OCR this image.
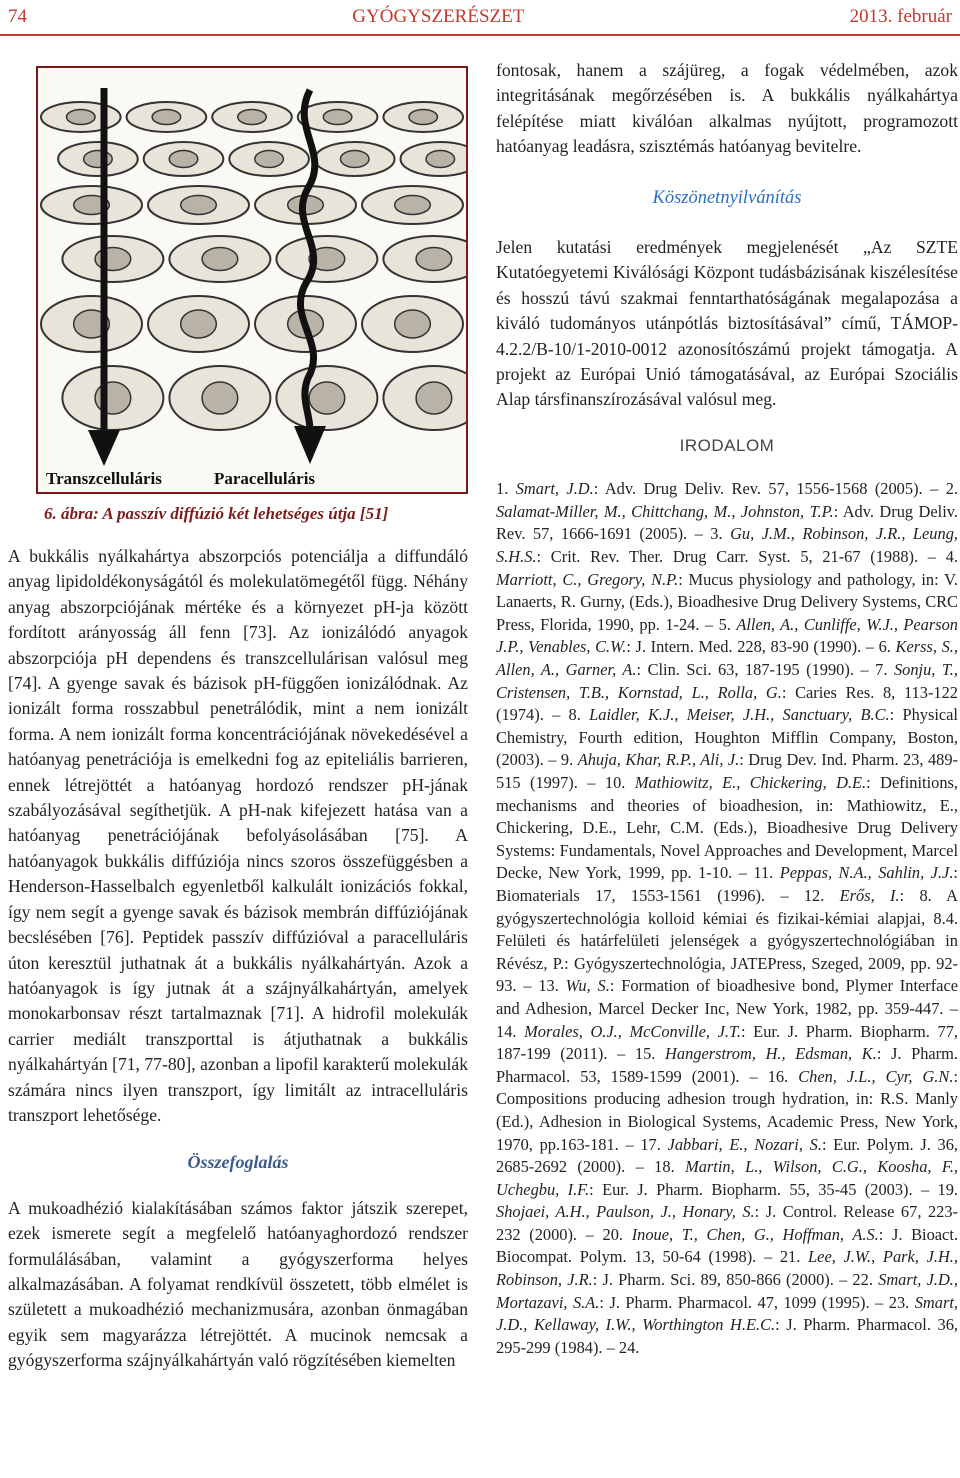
74	GYÓGYSZERÉSZET	2013. február
Transzcelluláris	Paracelluláris
6. ábra: A passzív diffúzió két lehetséges útja [51]

A bukkális nyálkahártya abszorpciós potenciálja a diffundáló anyag lipidoldékonyságától és molekulatömegétől függ. Néhány anyag abszorpciójának mértéke és a környezet pH-ja között fordított arányosság áll fenn [73]. Az ionizálódó anyagok abszorpciója pH dependens és transzcellulárisan valósul meg [74]. A gyenge savak és bázisok pH-függően ionizálódnak. Az ionizált forma rosszabbul penetrálódik, mint a nem ionizált forma. A nem ionizált forma koncentrációjának növekedésével a hatóanyag penetrációja is emelkedni fog az epiteliális barrieren, ennek létrejöttét a hatóanyag hordozó rendszer pH-jának szabályozásával segíthetjük. A pH-nak kifejezett hatása van a hatóanyag penetrációjának befolyásolásában [75]. A hatóanyagok bukkális diffúziója nincs szoros összefüggésben a Henderson-Hasselbalch egyenletből kalkulált ionizációs fokkal, így nem segít a gyenge savak és bázisok membrán diffúziójának becslésében [76]. Peptidek passzív diffúzióval a paracelluláris úton keresztül juthatnak át a bukkális nyálkahártyán. Azok a hatóanyagok is így jutnak át a szájnyálkahártyán, amelyek monokarbonsav részt tartalmaznak [71]. A hidrofil molekulák carrier mediált transzporttal is átjuthatnak a bukkális nyálkahártyán [71, 77-80], azonban a lipofil karakterű molekulák számára nincs ilyen transzport, így limitált az intracelluláris transzport lehetősége.

Összefoglalás

A mukoadhézió kialakításában számos faktor játszik szerepet, ezek ismerete segít a megfelelő hatóanyaghordozó rendszer formulálásában, valamint a gyógyszerforma helyes alkalmazásában. A folyamat rendkívül összetett, több elmélet is született a mukoadhézió mechanizmusára, azonban önmagában egyik sem magyarázza létrejöttét. A mucinok nemcsak a gyógyszerforma szájnyálkahártyán való rögzítésében kiemelten

fontosak, hanem a szájüreg, a fogak védelmében, azok integritásának megőrzésében is. A bukkális nyálkahártya felépítése miatt kiválóan alkalmas nyújtott, programozott hatóanyag leadásra, szisztémás hatóanyag bevitelre.

Köszönetnyilvánítás

Jelen kutatási eredmények megjelenését „Az SZTE Kutatóegyetemi Kiválósági Központ tudásbázisának kiszélesítése és hosszú távú szakmai fenntarthatóságának megalapozása a kiváló tudományos utánpótlás biztosításával” című, TÁMOP-4.2.2/B-10/1-2010-0012 azonosítószámú projekt támogatja. A projekt az Európai Unió támogatásával, az Európai Szociális Alap társfinanszírozásával valósul meg.

IRODALOM

1. Smart, J.D.: Adv. Drug Deliv. Rev. 57, 1556-1568 (2005). – 2. Salamat-Miller, M., Chittchang, M., Johnston, T.P.: Adv. Drug Deliv. Rev. 57, 1666-1691 (2005). – 3. Gu, J.M., Robinson, J.R., Leung, S.H.S.: Crit. Rev. Ther. Drug Carr. Syst. 5, 21-67 (1988). – 4. Marriott, C., Gregory, N.P.: Mucus physiology and pathology, in: V. Lanaerts, R. Gurny, (Eds.), Bioadhesive Drug Delivery Systems, CRC Press, Florida, 1990, pp. 1-24. – 5. Allen, A., Cunliffe, W.J., Pearson J.P., Venables, C.W.: J. Intern. Med. 228, 83-90 (1990). – 6. Kerss, S., Allen, A., Garner, A.: Clin. Sci. 63, 187-195 (1990). – 7. Sonju, T., Cristensen, T.B., Kornstad, L., Rolla, G.: Caries Res. 8, 113-122 (1974). – 8. Laidler, K.J., Meiser, J.H., Sanctuary, B.C.: Physical Chemistry, Fourth edition, Houghton Mifflin Company, Boston, (2003). – 9. Ahuja, Khar, R.P., Ali, J.: Drug Dev. Ind. Pharm. 23, 489-515 (1997). – 10. Mathiowitz, E., Chickering, D.E.: Definitions, mechanisms and theories of bioadhesion, in: Mathiowitz, E., Chickering, D.E., Lehr, C.M. (Eds.), Bioadhesive Drug Delivery Systems: Fundamentals, Novel Approaches and Development, Marcel Decke, New York, 1999, pp. 1-10. – 11. Peppas, N.A., Sahlin, J.J.: Biomaterials 17, 1553-1561 (1996). – 12. Erős, I.: 8. A gyógyszertechnológia kolloid kémiai és fizikai-kémiai alapjai, 8.4. Felületi és határfelületi jelenségek a gyógyszertechnológiában in Révész, P.: Gyógyszertechnológia, JATEPress, Szeged, 2009, pp. 92-93. – 13. Wu, S.: Formation of bioadhesive bond, Plymer Interface and Adhesion, Marcel Decker Inc, New York, 1982, pp. 359-447. – 14. Morales, O.J., McConville, J.T.: Eur. J. Pharm. Biopharm. 77, 187-199 (2011). – 15. Hangerstrom, H., Edsman, K.: J. Pharm. Pharmacol. 53, 1589-1599 (2001). – 16. Chen, J.L., Cyr, G.N.: Compositions producing adhesion trough hydration, in: R.S. Manly (Ed.), Adhesion in Biological Systems, Academic Press, New York, 1970, pp.163-181. – 17. Jabbari, E., Nozari, S.: Eur. Polym. J. 36, 2685-2692 (2000). – 18. Martin, L., Wilson, C.G., Koosha, F., Uchegbu, I.F.: Eur. J. Pharm. Biopharm. 55, 35-45 (2003). – 19. Shojaei, A.H., Paulson, J., Honary, S.: J. Control. Release 67, 223-232 (2000). – 20. Inoue, T., Chen, G., Hoffman, A.S.: J. Bioact. Biocompat. Polym. 13, 50-64 (1998). – 21. Lee, J.W., Park, J.H., Robinson, J.R.: J. Pharm. Sci. 89, 850-866 (2000). – 22. Smart, J.D., Mortazavi, S.A.: J. Pharm. Pharmacol. 47, 1099 (1995). – 23. Smart, J.D., Kellaway, I.W., Worthington H.E.C.: J. Pharm. Pharmacol. 36, 295-299 (1984). – 24.
